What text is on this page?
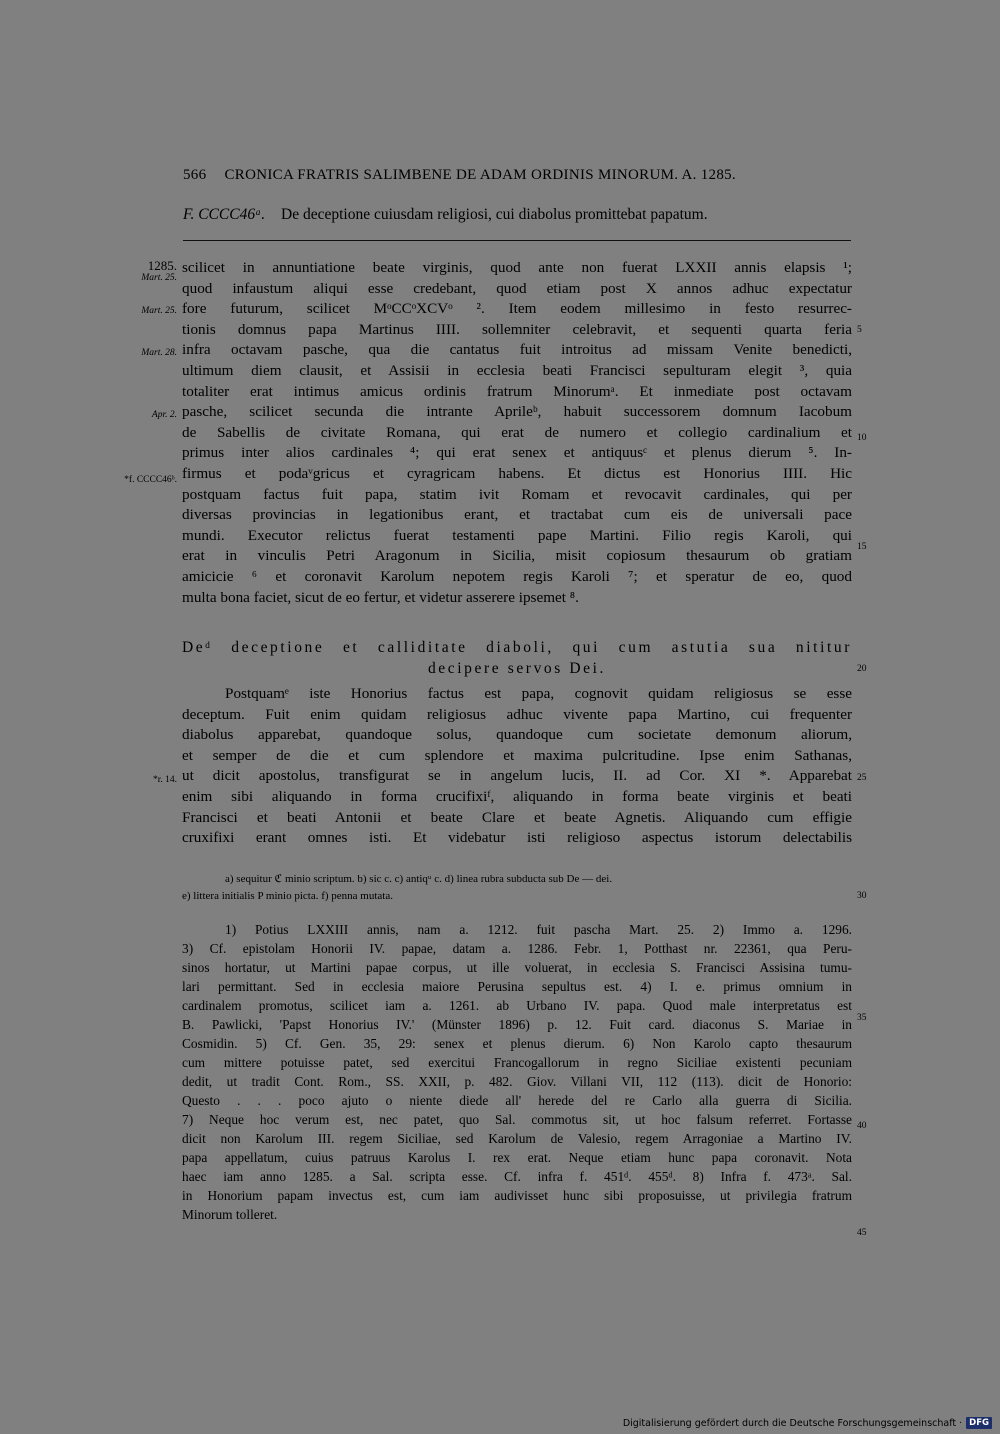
566 CRONICA FRATRIS SALIMBENE DE ADAM ORDINIS MINORUM. A. 1285.
F. CCCC46ᵃ. De deceptione cuiusdam religiosi, cui diabolus promittebat papatum.
1285.
Mart. 25.
Mart. 25.
Mart. 28.
Apr. 2.
*f. CCCC46ᵇ.
*r. 14.
5
10
15
20
25
30
35
40
45
scilicet in annuntiatione beate virginis, quod ante non fuerat LXXII annis elapsis ¹;
quod infaustum aliqui esse credebant, quod etiam post X annos adhuc expectatur
fore futurum, scilicet MᵒCCᵒXCVᵒ ². Item eodem millesimo in festo resurrec-
tionis domnus papa Martinus IIII. sollemniter celebravit, et sequenti quarta feria
infra octavam pasche, qua die cantatus fuit introitus ad missam Venite benedicti,
ultimum diem clausit, et Assisii in ecclesia beati Francisci sepulturam elegit ³, quia
totaliter erat intimus amicus ordinis fratrum Minorumᵃ. Et inmediate post octavam
pasche, scilicet secunda die intrante Aprileᵇ, habuit successorem domnum Iacobum
de Sabellis de civitate Romana, qui erat de numero et collegio cardinalium et
primus inter alios cardinales ⁴; qui erat senex et antiquusᶜ et plenus dierum ⁵. In-
firmus et podaᵛgricus et cyragricam habens. Et dictus est Honorius IIII. Hic
postquam factus fuit papa, statim ivit Romam et revocavit cardinales, qui per
diversas provincias in legationibus erant, et tractabat cum eis de universali pace
mundi. Executor relictus fuerat testamenti pape Martini. Filio regis Karoli, qui
erat in vinculis Petri Aragonum in Sicilia, misit copiosum thesaurum ob gratiam
amicicie ⁶ et coronavit Karolum nepotem regis Karoli ⁷; et speratur de eo, quod
multa bona faciet, sicut de eo fertur, et videtur asserere ipsemet ⁸.
Deᵈ deceptione et calliditate diaboli, qui cum astutia sua nititur
decipere servos Dei.
Postquamᵉ iste Honorius factus est papa, cognovit quidam religiosus se esse
deceptum. Fuit enim quidam religiosus adhuc vivente papa Martino, cui frequenter
diabolus apparebat, quandoque solus, quandoque cum societate demonum aliorum,
et semper de die et cum splendore et maxima pulcritudine. Ipse enim Sathanas,
ut dicit apostolus, transfigurat se in angelum lucis, II. ad Cor. XI *. Apparebat
enim sibi aliquando in forma crucifixiᶠ, aliquando in forma beate virginis et beati
Francisci et beati Antonii et beate Clare et beate Agnetis. Aliquando cum effigie
cruxifixi erant omnes isti. Et videbatur isti religioso aspectus istorum delectabilis
a) sequitur ℭ minio scriptum. b) sic c. c) antiqᵘ c. d) linea rubra subducta sub De — dei.
e) littera initialis P minio picta. f) penna mutata.
1) Potius LXXIII annis, nam a. 1212. fuit pascha Mart. 25. 2) Immo a. 1296.
3) Cf. epistolam Honorii IV. papae, datam a. 1286. Febr. 1, Potthast nr. 22361, qua Peru-
sinos hortatur, ut Martini papae corpus, ut ille voluerat, in ecclesia S. Francisci Assisina tumu-
lari permittant. Sed in ecclesia maiore Perusina sepultus est. 4) I. e. primus omnium in
cardinalem promotus, scilicet iam a. 1261. ab Urbano IV. papa. Quod male interpretatus est
B. Pawlicki, 'Papst Honorius IV.' (Münster 1896) p. 12. Fuit card. diaconus S. Mariae in
Cosmidin. 5) Cf. Gen. 35, 29: senex et plenus dierum. 6) Non Karolo capto thesaurum
cum mittere potuisse patet, sed exercitui Francogallorum in regno Siciliae existenti pecuniam
dedit, ut tradit Cont. Rom., SS. XXII, p. 482. Giov. Villani VII, 112 (113). dicit de Honorio:
Questo . . . poco ajuto o niente diede all' herede del re Carlo alla guerra di Sicilia.
7) Neque hoc verum est, nec patet, quo Sal. commotus sit, ut hoc falsum referret. Fortasse
dicit non Karolum III. regem Siciliae, sed Karolum de Valesio, regem Arragoniae a Martino IV.
papa appellatum, cuius patruus Karolus I. rex erat. Neque etiam hunc papa coronavit. Nota
haec iam anno 1285. a Sal. scripta esse. Cf. infra f. 451ᵈ. 455ᵈ. 8) Infra f. 473ᵃ. Sal.
in Honorium papam invectus est, cum iam audivisset hunc sibi proposuisse, ut privilegia fratrum
Minorum tolleret.
Digitalisierung gefördert durch die Deutsche Forschungsgemeinschaft · DFG
